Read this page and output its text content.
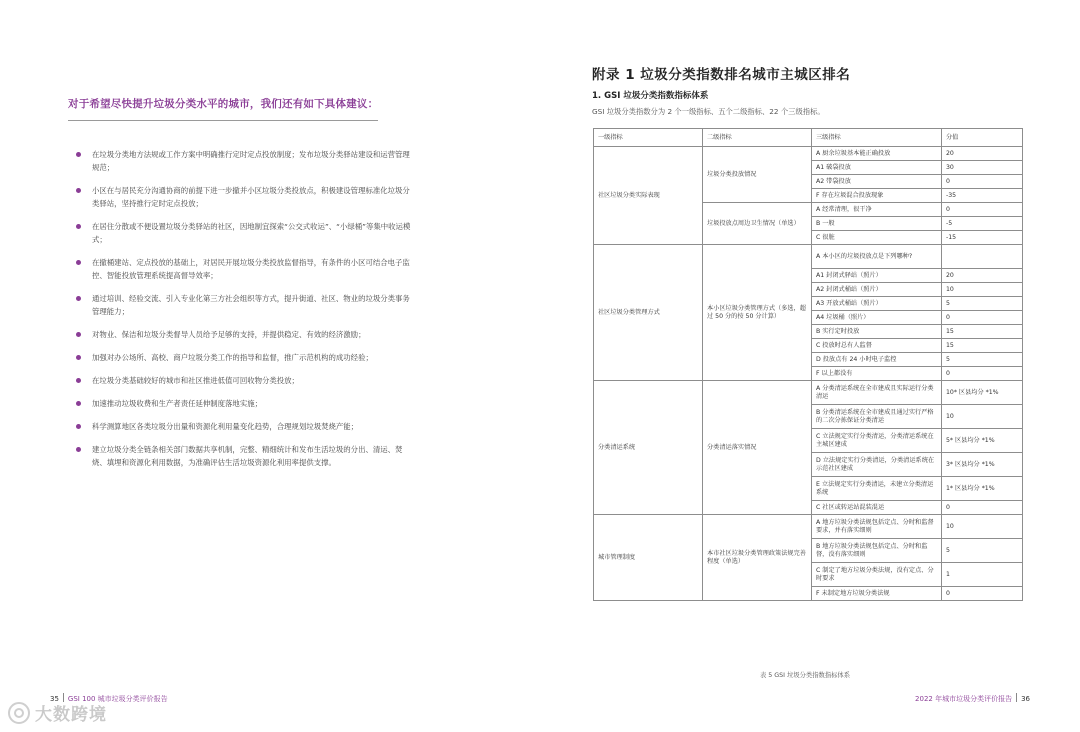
对于希望尽快提升垃圾分类水平的城市，我们还有如下具体建议：
在垃圾分类地方法规或工作方案中明确推行定时定点投放制度；发布垃圾分类驿站建设和运营管理规范；
小区在与居民充分沟通协商的前提下进一步撤并小区垃圾分类投放点，积极建设管理标准化垃圾分类驿站，坚持推行定时定点投放；
在居住分散或不便设置垃圾分类驿站的社区，因地制宜探索“公交式收运”、“小绿桶”等集中收运模式；
在撤桶建站、定点投放的基础上，对居民开展垃圾分类投放监督指导，有条件的小区可结合电子监控、智能投放管理系统提高督导效率；
通过培训、经验交流、引入专业化第三方社会组织等方式，提升街道、社区、物业的垃圾分类事务管理能力；
对物业、保洁和垃圾分类督导人员给予足够的支持，并提供稳定、有效的经济激励；
加强对办公场所、高校、商户垃圾分类工作的指导和监督，推广示范机构的成功经验；
在垃圾分类基础较好的城市和社区推进低值可回收物分类投放；
加速推动垃圾收费和生产者责任延伸制度落地实施；
科学测算地区各类垃圾分出量和资源化利用量变化趋势，合理规划垃圾焚烧产能；
建立垃圾分类全链条相关部门数据共享机制，完整、精细统计和发布生活垃圾的分出、清运、焚烧、填埋和资源化利用数据，为准确评估生活垃圾资源化利用率提供支撑。
35 GSI 100 城市垃圾分类评价报告
大数跨境
附录 1 垃圾分类指数排名城市主城区排名
1. GSI 垃圾分类指数指标体系
GSI 垃圾分类指数分为 2 个一级指标、五个二级指标、22 个三级指标。
一级指标	二级指标	三级指标	分值
社区垃圾分类实际表现	垃圾分类投放情况	A 厨余垃圾基本能正确投放	20
		A1 破袋投放	30
		A2 带袋投放	0
		F 存在垃圾混合投放现象	-35
	垃圾投放点周边卫生情况（单选）	A 经常清理，很干净	0
		B 一般	-5
		C 很脏	-15
社区垃圾分类管理方式	本小区垃圾分类管理方式（多选，超过 50 分的按 50 分计算）	A 本小区的垃圾投放点是下列哪种?	
		A1 封闭式驿站（照片）	20
		A2 封闭式桶站（照片）	10
		A3 开放式桶站（照片）	5
		A4 垃圾桶（照片）	0
		B 实行定时投放	15
		C 投放时总有人监督	15
		D 投放点有 24 小时电子监控	5
		F 以上都没有	0
分类清运系统	分类清运落实情况	A 分类清运系统在全市建成且实际运行分类清运	10* 区县均分 *1%
		B 分类清运系统在全市建成且通过实行严格的二次分拣保证分类清运	10
		C 立法规定实行分类清运，分类清运系统在主城区建成	5* 区县均分 *1%
		D 立法规定实行分类清运，分类清运系统在示范社区建成	3* 区县均分 *1%
		E 立法规定实行分类清运，未建立分类清运系统	1* 区县均分 *1%
		C 社区或转运站混装混运	0
城市管理制度	本市社区垃圾分类管理政策法规完善程度（单选）	A 地方垃圾分类法规包括定点、分时和监督要求，并有落实细则	10
		B 地方垃圾分类法规包括定点、分时和监督，没有落实细则	5
		C 制定了地方垃圾分类法规，没有定点、分时要求	1
		F 未制定地方垃圾分类法规	0
表 5 GSI 垃圾分类指数指标体系
2022 年城市垃圾分类评价报告 36
